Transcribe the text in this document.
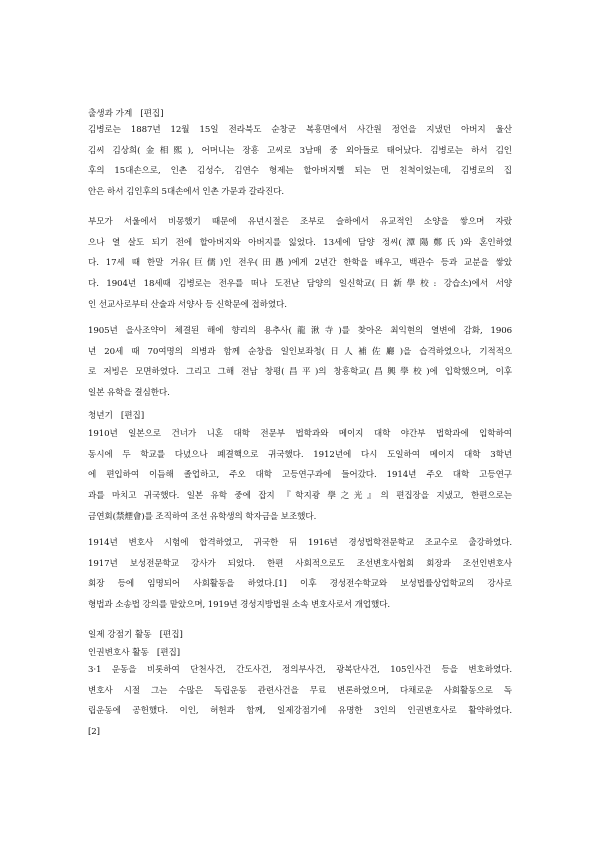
출생과 가계 [편집]
김병로는 1887년 12월 15일 전라북도 순창군 복흥면에서 사간원 정언을 지냈던 아버지 울산
김씨 김상희(金相熙), 어머니는 장흥 고씨로 3남매 중 외아들로 태어났다. 김병로는 하서 김인
후의 15대손으로, 인촌 김성수, 김연수 형제는 할아버지뻘 되는 먼 친척이었는데, 김병로의 집
안은 하서 김인후의 5대손에서 인촌 가문과 갈라진다.
부모가 서울에서 비몽했기 때문에 유년시절은 조부로 슬하에서 유교적인 소양을 쌓으며 자랐
으나 열 살도 되기 전에 할아버지와 아버지를 잃었다. 13세에 담양 정씨(潭陽鄭氏)와 혼인하였
다. 17세 때 한말 거유(巨儒)인 전우(田愚)에게 2년간 한학을 배우고, 백관수 등과 교분을 쌓았
다. 1904년 18세때 김병로는 전우를 떠나 도전난 담양의 일신학교(日新學校: 강습소)에서 서양
인 선교사로부터 산술과 서양사 등 신학문에 접하였다.
1905년 을사조약이 체결된 해에 향리의 용추사(龍湫寺)를 찾아온 최익현의 열변에 감화, 1906
년 20세 때 70여명의 의병과 함께 순창읍 일인보좌청(日人補佐廳)을 습격하였으나, 기적적으
로 저빙은 모면하였다. 그리고 그해 전남 창평(昌平)의 창흥학교(昌興學校)에 입학했으며, 이후
일본 유학을 결심한다.
청년기 [편집]
1910년 일본으로 건너가 니혼 대학 전문부 법학과와 메이지 대학 야간부 법학과에 입학하여
동시에 두 학교를 다녔으나 폐결핵으로 귀국했다. 1912년에 다시 도일하여 메이지 대학 3학년
에 편입하여 이듬해 졸업하고, 주오 대학 고등연구과에 들어갔다. 1914년 주오 대학 고등연구
과를 마치고 귀국했다. 일본 유학 중에 잡지 『학지광 學之光』의 편집장을 지냈고, 한편으로는
금연회(禁煙會)를 조직하여 조선 유학생의 학자금을 보조했다.
1914년 변호사 시험에 합격하였고, 귀국한 뒤 1916년 경성법학전문학교 조교수로 출강하였다.
1917년 보성전문학교 강사가 되었다. 한편 사회적으로도 조선변호사협회 회장과 조선인변호사
회장 등에 임명되어 사회활동을 하였다.[1] 이후 경성전수학교와 보성법률상업학교의 강사로
형법과 소송법 강의를 맡았으며, 1919년 경성지방법원 소속 변호사로서 개업했다.
일제 강점기 활동 [편집]
인권변호사 활동 [편집]
3·1 운동을 비롯하여 단천사건, 간도사건, 정의부사건, 광복단사건, 105인사건 등을 변호하였다.
변호사 시절 그는 수많은 독립운동 관련사건을 무료 변론하였으며, 다채로운 사회활동으로 독
립운동에 공헌했다. 이인, 허헌과 함께, 일제강점기에 유명한 3인의 인권변호사로 활약하였다.
[2]
